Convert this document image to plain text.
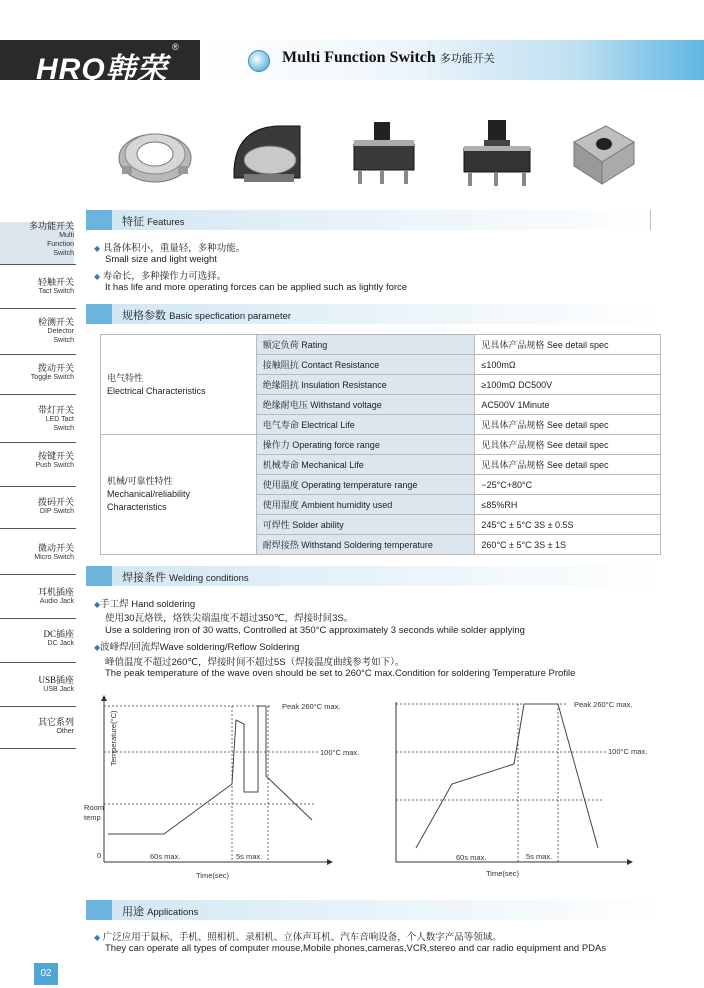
HRQ韩荣
®
Multi Function Switch 多功能开关
多功能开关
Multi Function Switch
轻触开关
Tact Switch
检测开关
Detector Switch
拨动开关
Toggle Switch
带灯开关
LED Tact Switch
按键开关
Push Switch
拨码开关
DIP Switch
微动开关
Micro Switch
耳机插座
Audio Jack
DC插座
DC Jack
USB插座
USB Jack
其它系列
Other
特征 Features
◆ 具备体积小，重量轻，多种功能。
Small size and light weight
◆ 寿命长，多种操作力可选择。
It has life and more operating forces can be applied such as lightly force
规格参数 Basic specfication parameter
电气特性
Electrical Characteristics	额定负荷 Rating	见具体产品规格 See detail spec
	接触阻抗 Contact Resistance	≤100mΩ
	绝缘阻抗 Insulation Resistance	≥100mΩ DC500V
	绝缘耐电压 Withstand voltage	AC500V 1Minute
	电气寿命 Electrical Life	见具体产品规格 See detail spec

机械/可靠性特性
Mechanical/reliability Characteristics	操作力 Operating force range	见具体产品规格 See detail spec
	机械寿命 Mechanical Life	见具体产品规格 See detail spec
	使用温度 Operating temperature range	−25°C+80°C
	使用湿度 Ambient humidity used	≤85%RH
	可焊性 Solder ability	245°C ± 5°C 3S ± 0.5S
	耐焊接热 Withstand Soldering temperature	260°C ± 5°C 3S ± 1S
焊接条件 Welding conditions
◆手工焊 Hand soldering
使用30瓦烙铁，烙铁尖端温度不超过350℃，焊接时间3S。
Use a soldering iron of 30 watts, Controlled at 350°C approximately 3 seconds while solder applying
◆波峰焊/回流焊Wave soldering/Reflow Soldering
峰值温度不超过260℃，焊接时间不超过5S（焊接温度曲线参考如下）。
The peak temperature of the wave oven should be set to 260°C max.Condition for soldering Temperature Profile
Temperature(°C)
Peak 260°C max.
100°C max.
Room
temp
0	60s max.	5s max.
Time(sec)
Peak 260°C max.
100°C max.
60s max.	5s max.
Time(sec)
用途 Applications
◆ 广泛应用于鼠标、手机、照相机、录相机、立体声耳机、汽车音响设备，个人数字产品等领域。
They can operate all types of computer mouse,Mobile phones,cameras,VCR,stereo and car radio equipment and PDAs
02
